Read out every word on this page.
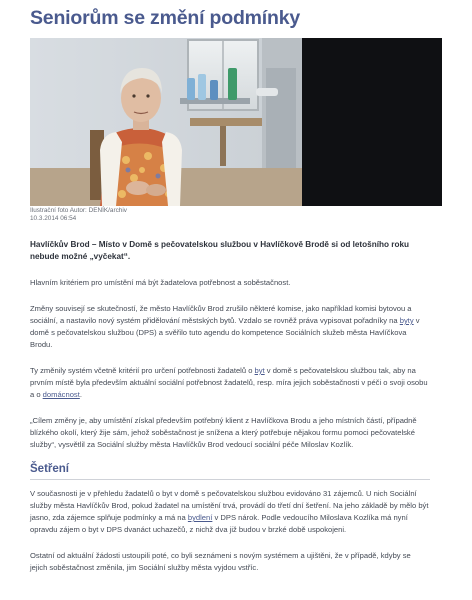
Seniorům se změní podmínky
Ilustrační foto Autor: DENÍK/archiv
10.3.2014 06:54

Havlíčkův Brod – Místo v Domě s pečovatelskou službou v Havlíčkově Brodě si od letošního roku nebude možné „vyčekat“.

Hlavním kritériem pro umístění má být žadatelova potřebnost a soběstačnost.

Změny souvisejí se skutečností, že město Havlíčkův Brod zrušilo některé komise, jako například komisi bytovou a sociální, a nastavilo nový systém přidělování městských bytů. Vzdalo se rovněž práva vypisovat pořadníky na byty v domě s pečovatelskou službou (DPS) a svěřilo tuto agendu do kompetence Sociálních služeb města Havlíčkova Brodu.

Ty změnily systém včetně kritérií pro určení potřebnosti žadatelů o byt v domě s pečovatelskou službou tak, aby na prvním místě byla především aktuální sociální potřebnost žadatelů, resp. míra jejich soběstačnosti v péči o svoji osobu a o domácnost.

„Cílem změny je, aby umístění získal především potřebný klient z Havlíčkova Brodu a jeho místních částí, případně blízkého okolí, který žije sám, jehož soběstačnost je snížena a který potřebuje nějakou formu pomoci pečovatelské služby“, vysvětlil za Sociální služby města Havlíčkův Brod vedoucí sociální péče Miloslav Kozlík.

Šetření

V současnosti je v přehledu žadatelů o byt v domě s pečovatelskou službou evidováno 31 zájemců. U nich Sociální služby města Havlíčkův Brod, pokud žadatel na umístění trvá, provádí do třetí dní šetření. Na jeho základě by mělo být jasno, zda zájemce splňuje podmínky a má na bydlení v DPS nárok. Podle vedoucího Miloslava Kozlíka má nyní opravdu zájem o byt v DPS dvanáct uchazečů, z nichž dva již budou v brzké době uspokojeni.

Ostatní od aktuální žádosti ustoupili poté, co byli seznámeni s novým systémem a ujištěni, že v případě, kdyby se jejich soběstačnost změnila, jim Sociální služby města vyjdou vstříc.
